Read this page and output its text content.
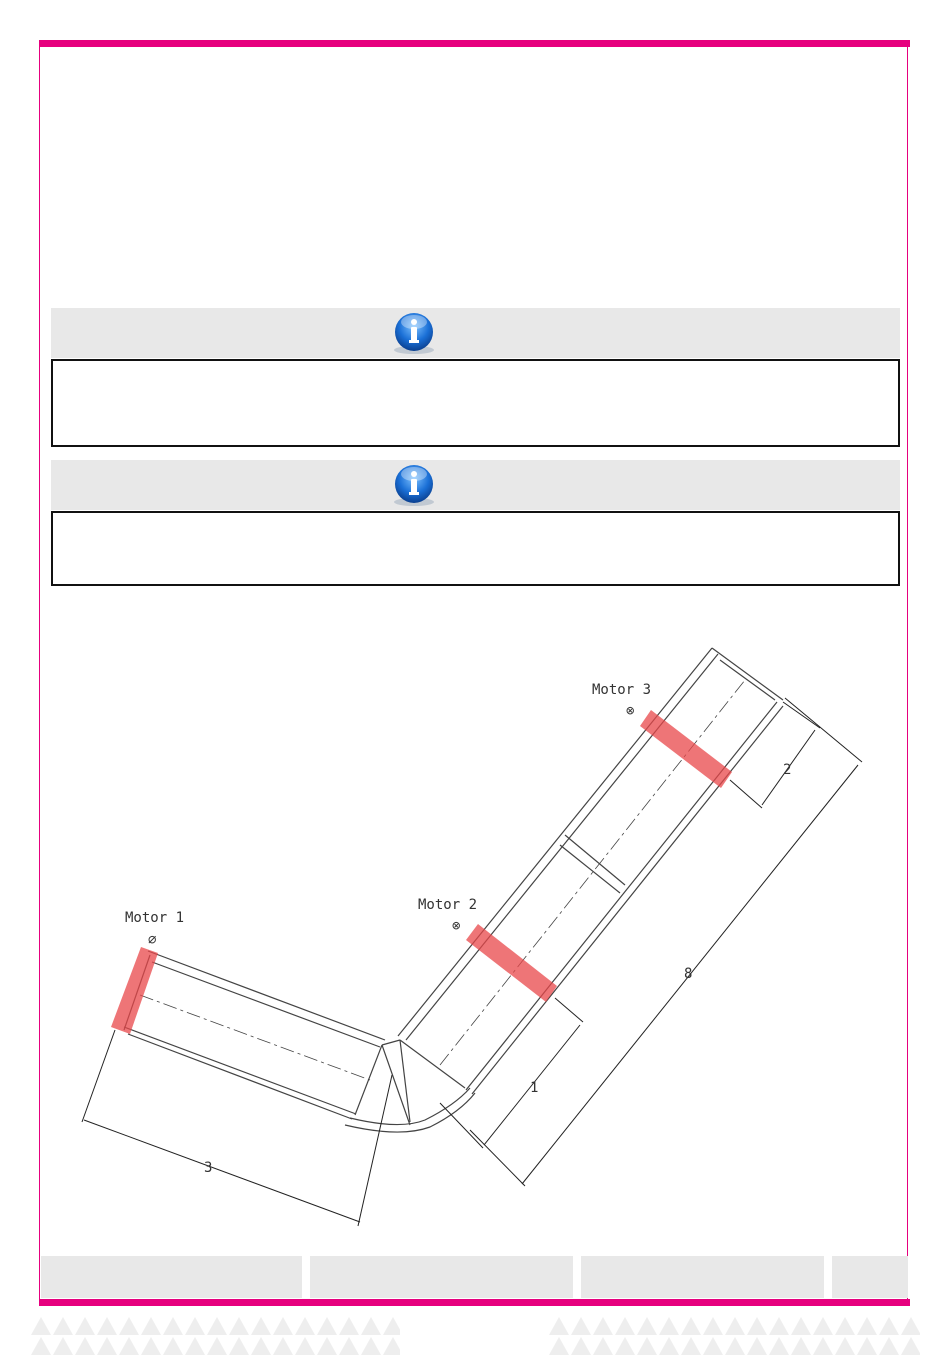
Motor 1
⌀
Motor 2
⊗
Motor 3
⊗
1
2
3
8
